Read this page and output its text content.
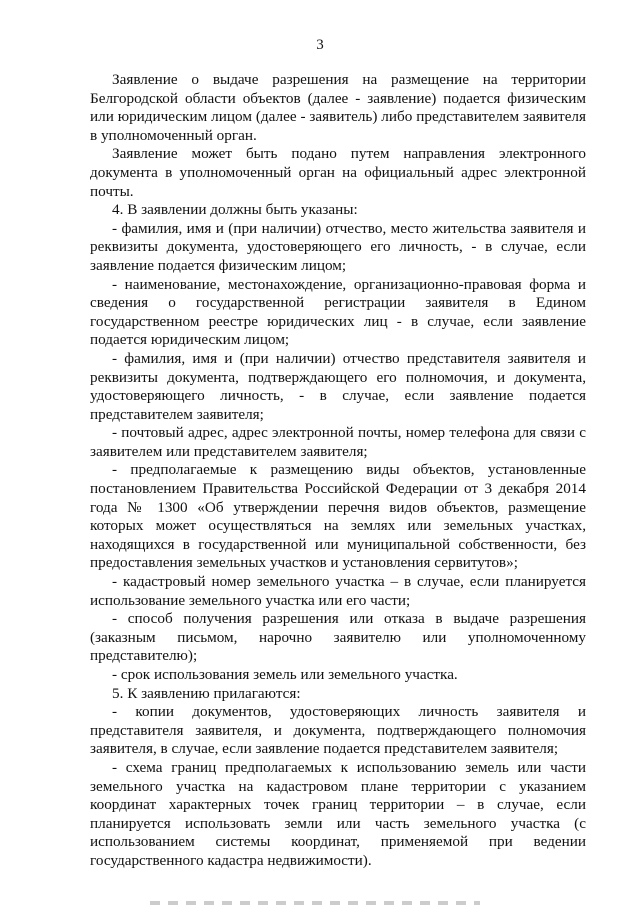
3

Заявление о выдаче разрешения на размещение на территории Белгородской области объектов (далее - заявление) подается физическим или юридическим лицом (далее - заявитель) либо представителем заявителя в уполномоченный орган.

Заявление может быть подано путем направления электронного документа в уполномоченный орган на официальный адрес электронной почты.

4. В заявлении должны быть указаны:

- фамилия, имя и (при наличии) отчество, место жительства заявителя и реквизиты документа, удостоверяющего его личность, - в случае, если заявление подается физическим лицом;

- наименование, местонахождение, организационно-правовая форма и сведения о государственной регистрации заявителя в Едином государственном реестре юридических лиц - в случае, если заявление подается юридическим лицом;

- фамилия, имя и (при наличии) отчество представителя заявителя и реквизиты документа, подтверждающего его полномочия, и документа, удостоверяющего личность, - в случае, если заявление подается представителем заявителя;

- почтовый адрес, адрес электронной почты, номер телефона для связи с заявителем или представителем заявителя;

- предполагаемые к размещению виды объектов, установленные постановлением Правительства Российской Федерации от 3 декабря 2014 года № 1300 «Об утверждении перечня видов объектов, размещение которых может осуществляться на землях или земельных участках, находящихся в государственной или муниципальной собственности, без предоставления земельных участков и установления сервитутов»;

- кадастровый номер земельного участка – в случае, если планируется использование земельного участка или его части;

- способ получения разрешения или отказа в выдаче разрешения (заказным письмом, нарочно заявителю или уполномоченному представителю);

- срок использования земель или земельного участка.

5. К заявлению прилагаются:

- копии документов, удостоверяющих личность заявителя и представителя заявителя, и документа, подтверждающего полномочия заявителя, в случае, если заявление подается представителем заявителя;

- схема границ предполагаемых к использованию земель или части земельного участка на кадастровом плане территории с указанием координат характерных точек границ территории – в случае, если планируется использовать земли или часть земельного участка (с использованием системы координат, применяемой при ведении государственного кадастра недвижимости).
